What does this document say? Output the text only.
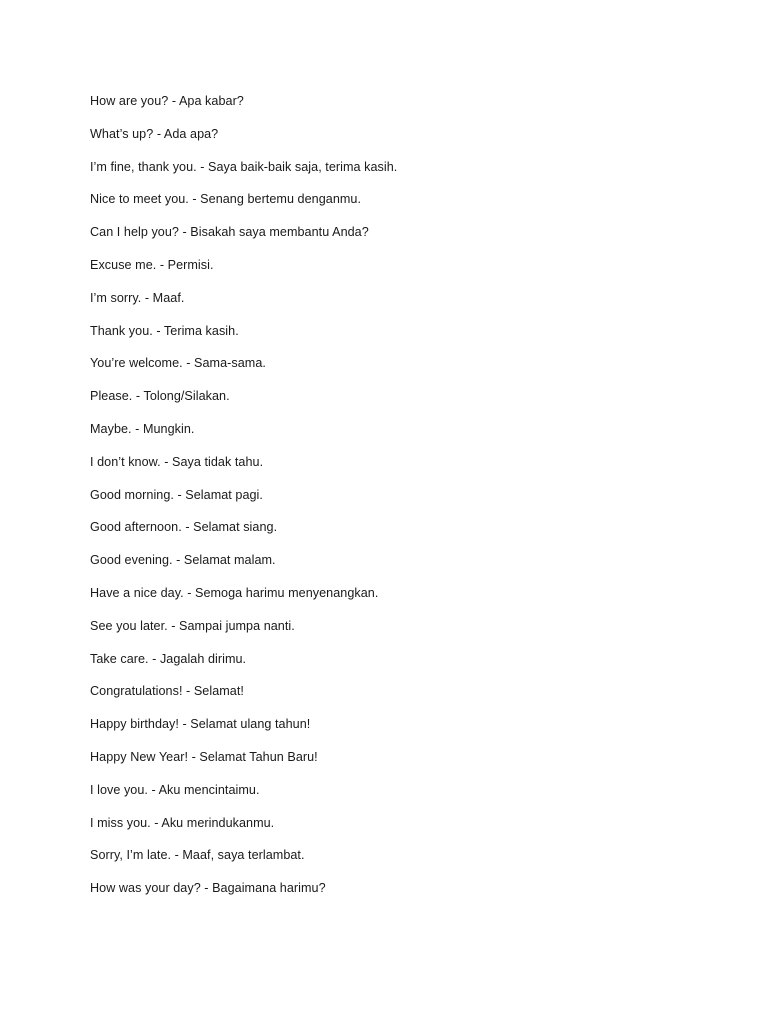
How are you? - Apa kabar?
What’s up? - Ada apa?
I’m fine, thank you. - Saya baik-baik saja, terima kasih.
Nice to meet you. - Senang bertemu denganmu.
Can I help you? - Bisakah saya membantu Anda?
Excuse me. - Permisi.
I’m sorry. - Maaf.
Thank you. - Terima kasih.
You’re welcome. - Sama-sama.
Please. - Tolong/Silakan.
Maybe. - Mungkin.
I don’t know. - Saya tidak tahu.
Good morning. - Selamat pagi.
Good afternoon. - Selamat siang.
Good evening. - Selamat malam.
Have a nice day. - Semoga harimu menyenangkan.
See you later. - Sampai jumpa nanti.
Take care. - Jagalah dirimu.
Congratulations! - Selamat!
Happy birthday! - Selamat ulang tahun!
Happy New Year! - Selamat Tahun Baru!
I love you. - Aku mencintaimu.
I miss you. - Aku merindukanmu.
Sorry, I’m late. - Maaf, saya terlambat.
How was your day? - Bagaimana harimu?
